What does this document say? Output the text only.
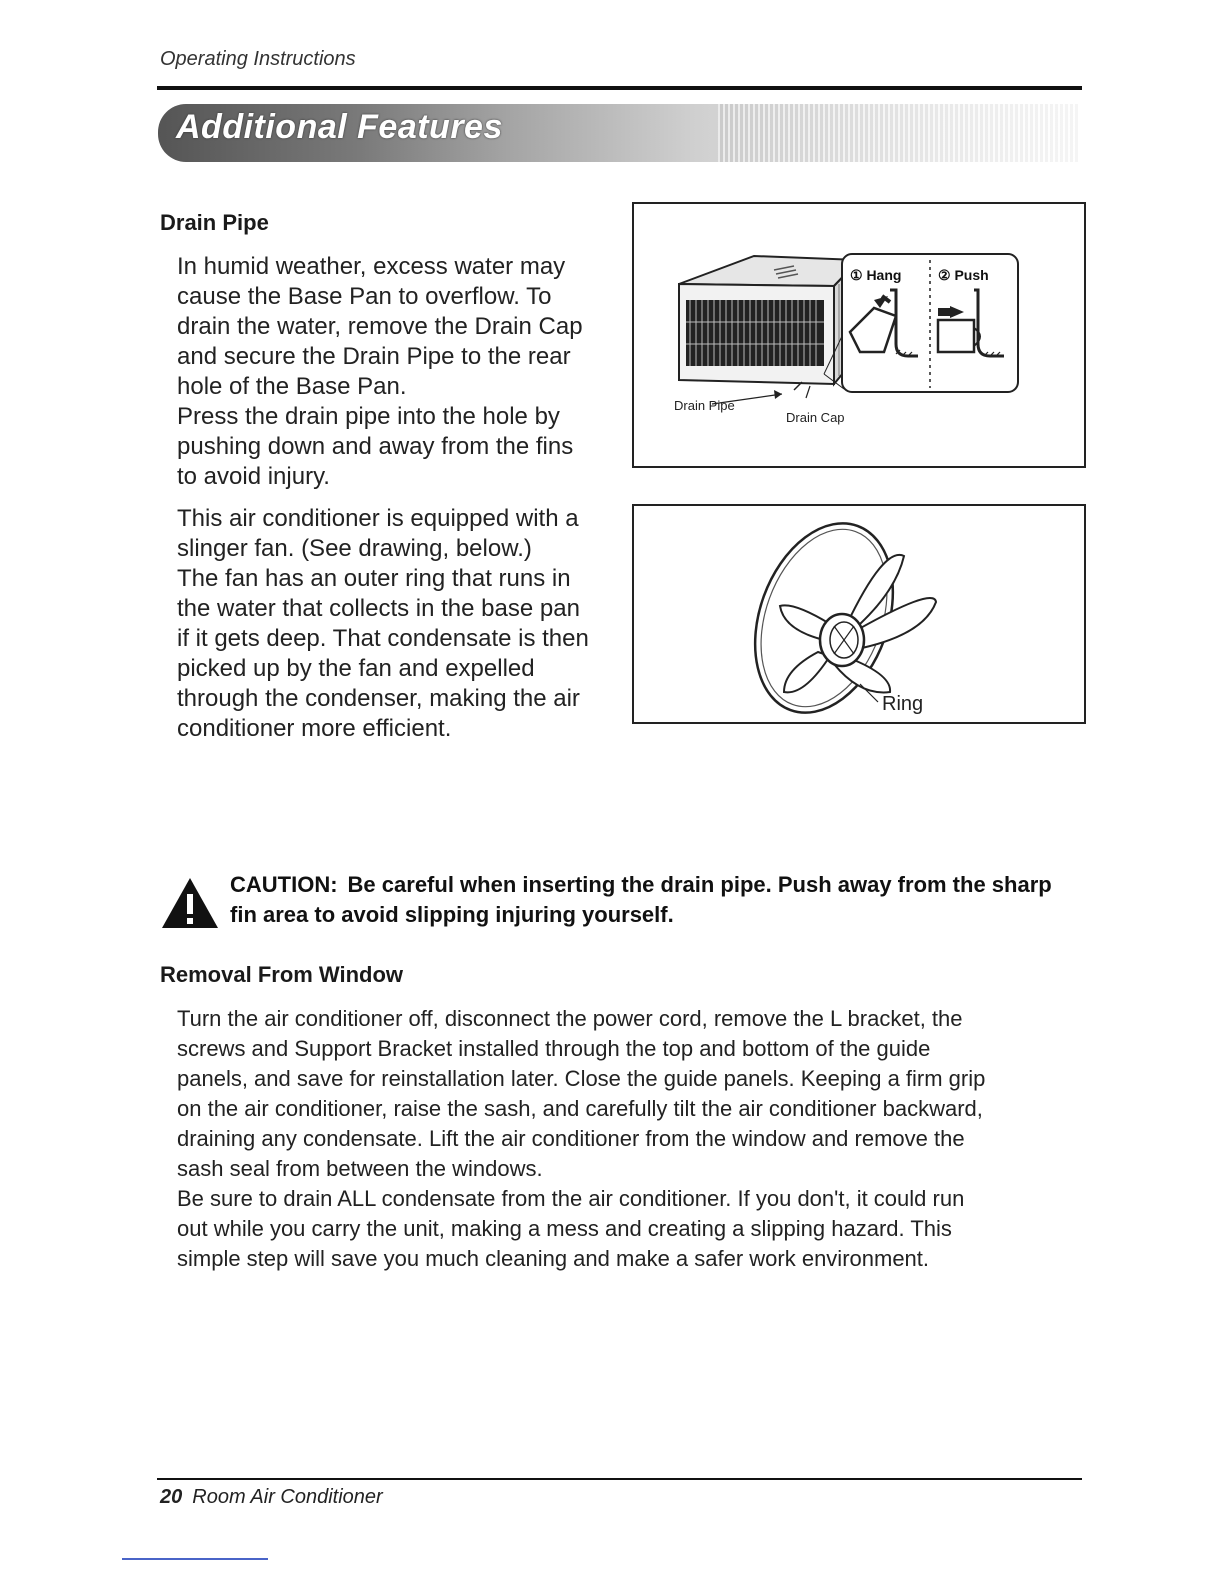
Operating Instructions
Additional Features
Drain Pipe

In humid weather, excess water may

cause the Base Pan to overflow. To

drain the water, remove the Drain Cap

and secure the Drain Pipe to the rear

hole of the Base Pan.

Press the drain pipe into the hole by

pushing down and away from the fins

to avoid injury.

This air conditioner is equipped with a

slinger fan. (See drawing, below.)

The fan has an outer ring that runs in

the water that collects in the base pan

if it gets deep. That condensate is then

picked up by the fan and expelled

through the condenser, making the air

conditioner more efficient.

① Hang	② Push
Drain Pipe
Drain Cap
Ring
CAUTION: Be careful when inserting the drain pipe. Push away from the sharp fin area to avoid slipping injuring yourself.
Removal From Window

Turn the air conditioner off, disconnect the power cord, remove the L bracket, the

screws and Support Bracket installed through the top and bottom of the guide

panels, and save for reinstallation later. Close the guide panels. Keeping a firm grip

on the air conditioner, raise the sash, and carefully tilt the air conditioner backward,

draining any condensate. Lift the air conditioner from the window and remove the

sash seal from between the windows.

Be sure to drain ALL condensate from the air conditioner. If you don't, it could run

out while you carry the unit, making a mess and creating a slipping hazard. This

simple step will save you much cleaning and make a safer work environment.

20 Room Air Conditioner
